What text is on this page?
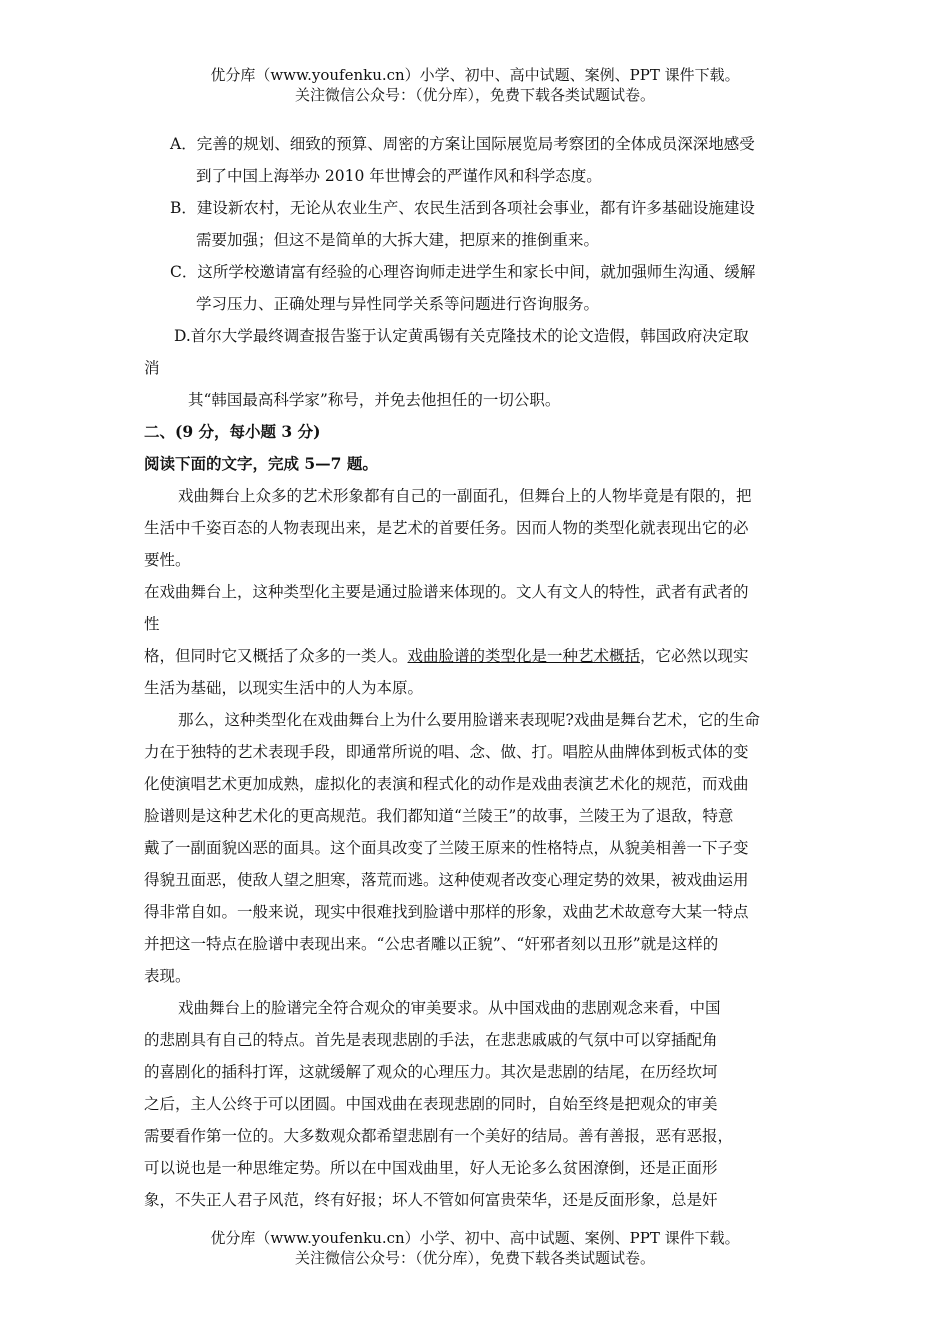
优分库（www.youfenku.cn）小学、初中、高中试题、案例、PPT 课件下载。
关注微信公众号：（优分库），免费下载各类试题试卷。
A．完善的规划、细致的预算、周密的方案让国际展览局考察团的全体成员深深地感受
到了中国上海举办 2010 年世博会的严谨作风和科学态度。
B．建设新农村，无论从农业生产、农民生活到各项社会事业，都有许多基础设施建设
需要加强；但这不是简单的大拆大建，把原来的推倒重来。
C．这所学校邀请富有经验的心理咨询师走进学生和家长中间，就加强师生沟通、缓解
学习压力、正确处理与异性同学关系等问题进行咨询服务。
D.首尔大学最终调查报告鉴于认定黄禹锡有关克隆技术的论文造假，韩国政府决定取
消
其“韩国最高科学家”称号，并免去他担任的一切公职。
二、(9 分，每小题 3 分)
阅读下面的文字，完成 5—7 题。
戏曲舞台上众多的艺术形象都有自己的一副面孔，但舞台上的人物毕竟是有限的，把
生活中千姿百态的人物表现出来，是艺术的首要任务。因而人物的类型化就表现出它的必
要性。
在戏曲舞台上，这种类型化主要是通过脸谱来体现的。文人有文人的特性，武者有武者的
性
格，但同时它又概括了众多的一类人。戏曲脸谱的类型化是一种艺术概括，它必然以现实
生活为基础，以现实生活中的人为本原。
那么，这种类型化在戏曲舞台上为什么要用脸谱来表现呢?戏曲是舞台艺术，它的生命
力在于独特的艺术表现手段，即通常所说的唱、念、做、打。唱腔从曲牌体到板式体的变
化使演唱艺术更加成熟，虚拟化的表演和程式化的动作是戏曲表演艺术化的规范，而戏曲
脸谱则是这种艺术化的更高规范。我们都知道“兰陵王”的故事，兰陵王为了退敌，特意
戴了一副面貌凶恶的面具。这个面具改变了兰陵王原来的性格特点，从貌美相善一下子变
得貌丑面恶，使敌人望之胆寒，落荒而逃。这种使观者改变心理定势的效果，被戏曲运用
得非常自如。一般来说，现实中很难找到脸谱中那样的形象，戏曲艺术故意夸大某一特点
并把这一特点在脸谱中表现出来。“公忠者雕以正貌”、“奸邪者刻以丑形”就是这样的
表现。
戏曲舞台上的脸谱完全符合观众的审美要求。从中国戏曲的悲剧观念来看，中国
的悲剧具有自己的特点。首先是表现悲剧的手法，在悲悲戚戚的气氛中可以穿插配角
的喜剧化的插科打诨，这就缓解了观众的心理压力。其次是悲剧的结尾，在历经坎坷
之后，主人公终于可以团圆。中国戏曲在表现悲剧的同时，自始至终是把观众的审美
需要看作第一位的。大多数观众都希望悲剧有一个美好的结局。善有善报，恶有恶报，
可以说也是一种思维定势。所以在中国戏曲里，好人无论多么贫困潦倒，还是正面形
象，不失正人君子风范，终有好报；坏人不管如何富贵荣华，还是反面形象，总是奸
优分库（www.youfenku.cn）小学、初中、高中试题、案例、PPT 课件下载。
关注微信公众号：（优分库），免费下载各类试题试卷。
